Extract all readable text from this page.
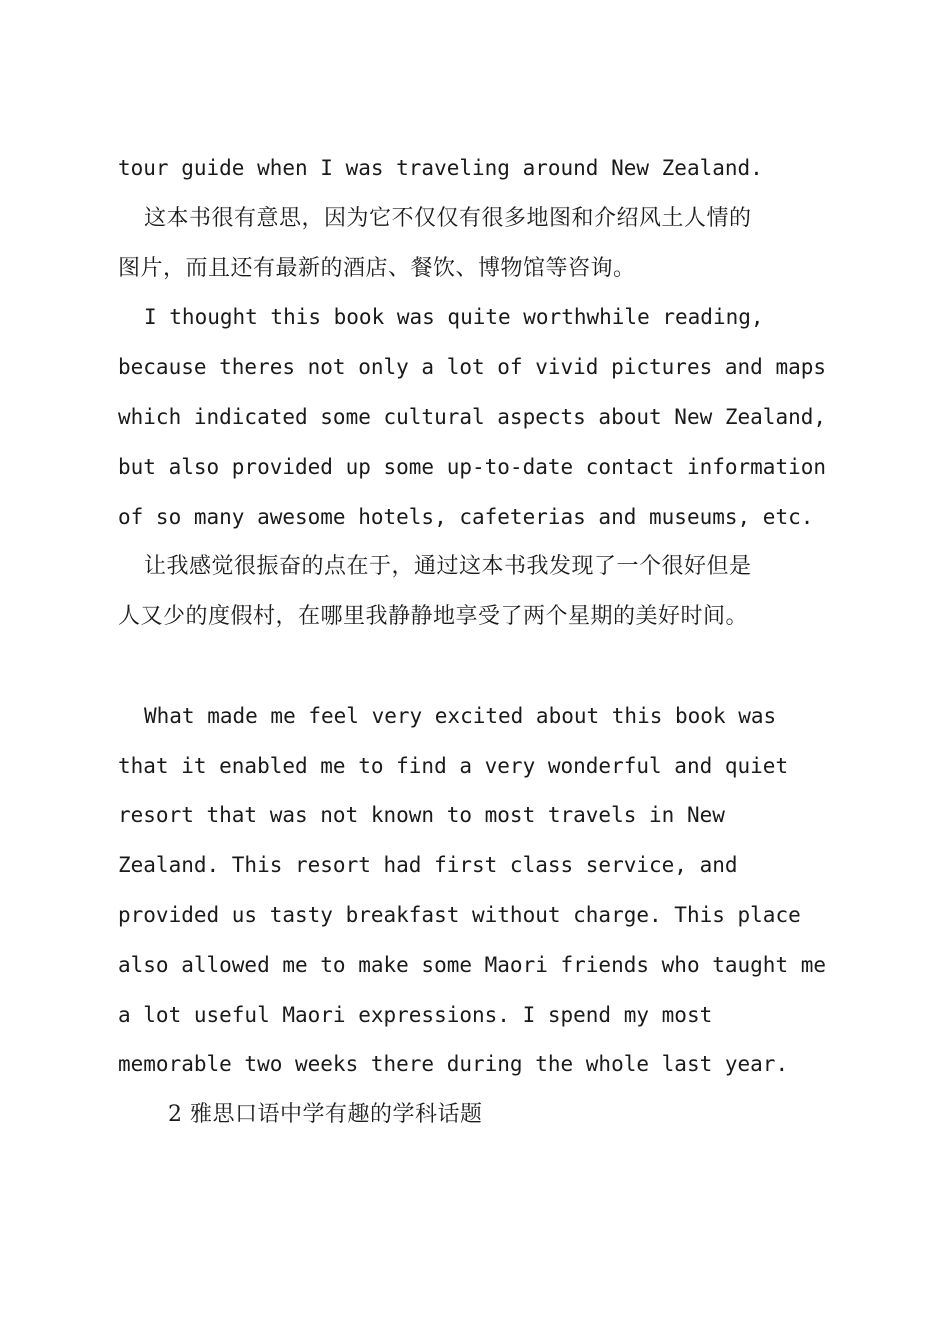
tour guide when I was traveling around New Zealand.
这本书很有意思，因为它不仅仅有很多地图和介绍风土人情的
图片，而且还有最新的酒店、餐饮、博物馆等咨询。
I thought this book was quite worthwhile reading,
because theres not only a lot of vivid pictures and maps
which indicated some cultural aspects about New Zealand,
but also provided up some up-to-date contact information
of so many awesome hotels, cafeterias and museums, etc.
让我感觉很振奋的点在于，通过这本书我发现了一个很好但是
人又少的度假村，在哪里我静静地享受了两个星期的美好时间。
What made me feel very excited about this book was
that it enabled me to find a very wonderful and quiet
resort that was not known to most travels in New
Zealand. This resort had first class service, and
provided us tasty breakfast without charge. This place
also allowed me to make some Maori friends who taught me
a lot useful Maori expressions. I spend my most
memorable two weeks there during the whole last year.
2 雅思口语中学有趣的学科话题
